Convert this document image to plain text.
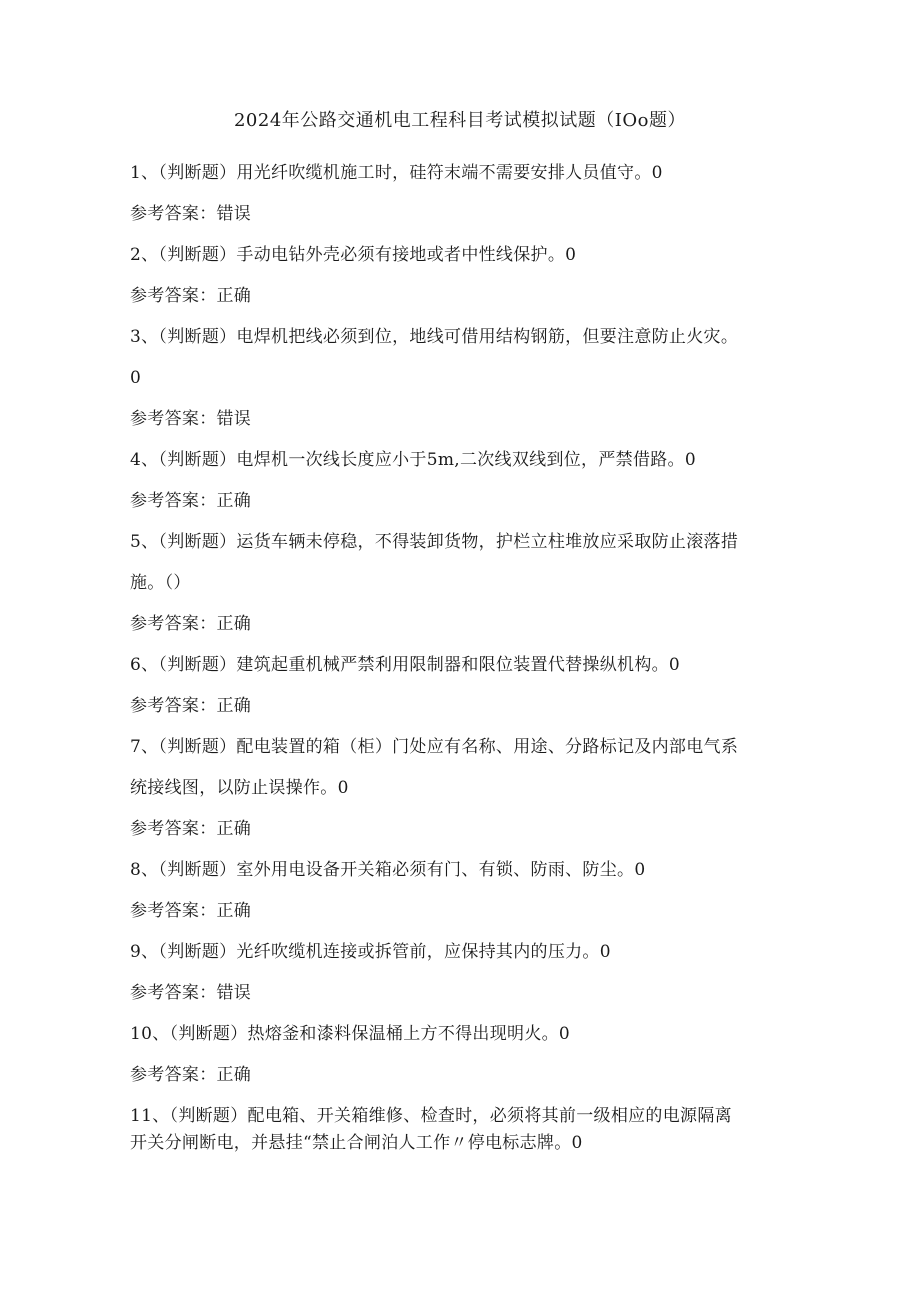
2024年公路交通机电工程科目考试模拟试题（IOo题）
1、（判断题）用光纤吹缆机施工时，硅符末端不需要安排人员值守。0
参考答案：错误
2、（判断题）手动电钻外壳必须有接地或者中性线保护。0
参考答案：正确
3、（判断题）电焊机把线必须到位，地线可借用结构钢筋，但要注意防止火灾。
0
参考答案：错误
4、（判断题）电焊机一次线长度应小于5m,二次线双线到位，严禁借路。0
参考答案：正确
5、（判断题）运货车辆未停稳，不得装卸货物，护栏立柱堆放应采取防止滚落措
施。（）
参考答案：正确
6、（判断题）建筑起重机械严禁利用限制器和限位装置代替操纵机构。0
参考答案：正确
7、（判断题）配电装置的箱（柜）门处应有名称、用途、分路标记及内部电气系
统接线图，以防止误操作。0
参考答案：正确
8、（判断题）室外用电设备开关箱必须有门、有锁、防雨、防尘。0
参考答案：正确
9、（判断题）光纤吹缆机连接或拆管前，应保持其内的压力。0
参考答案：错误
10、（判断题）热熔釜和漆料保温桶上方不得出现明火。0
参考答案：正确
11、（判断题）配电箱、开关箱维修、检查时，必须将其前一级相应的电源隔离
开关分闸断电，并悬挂“禁止合闸泊人工作〃停电标志牌。0
